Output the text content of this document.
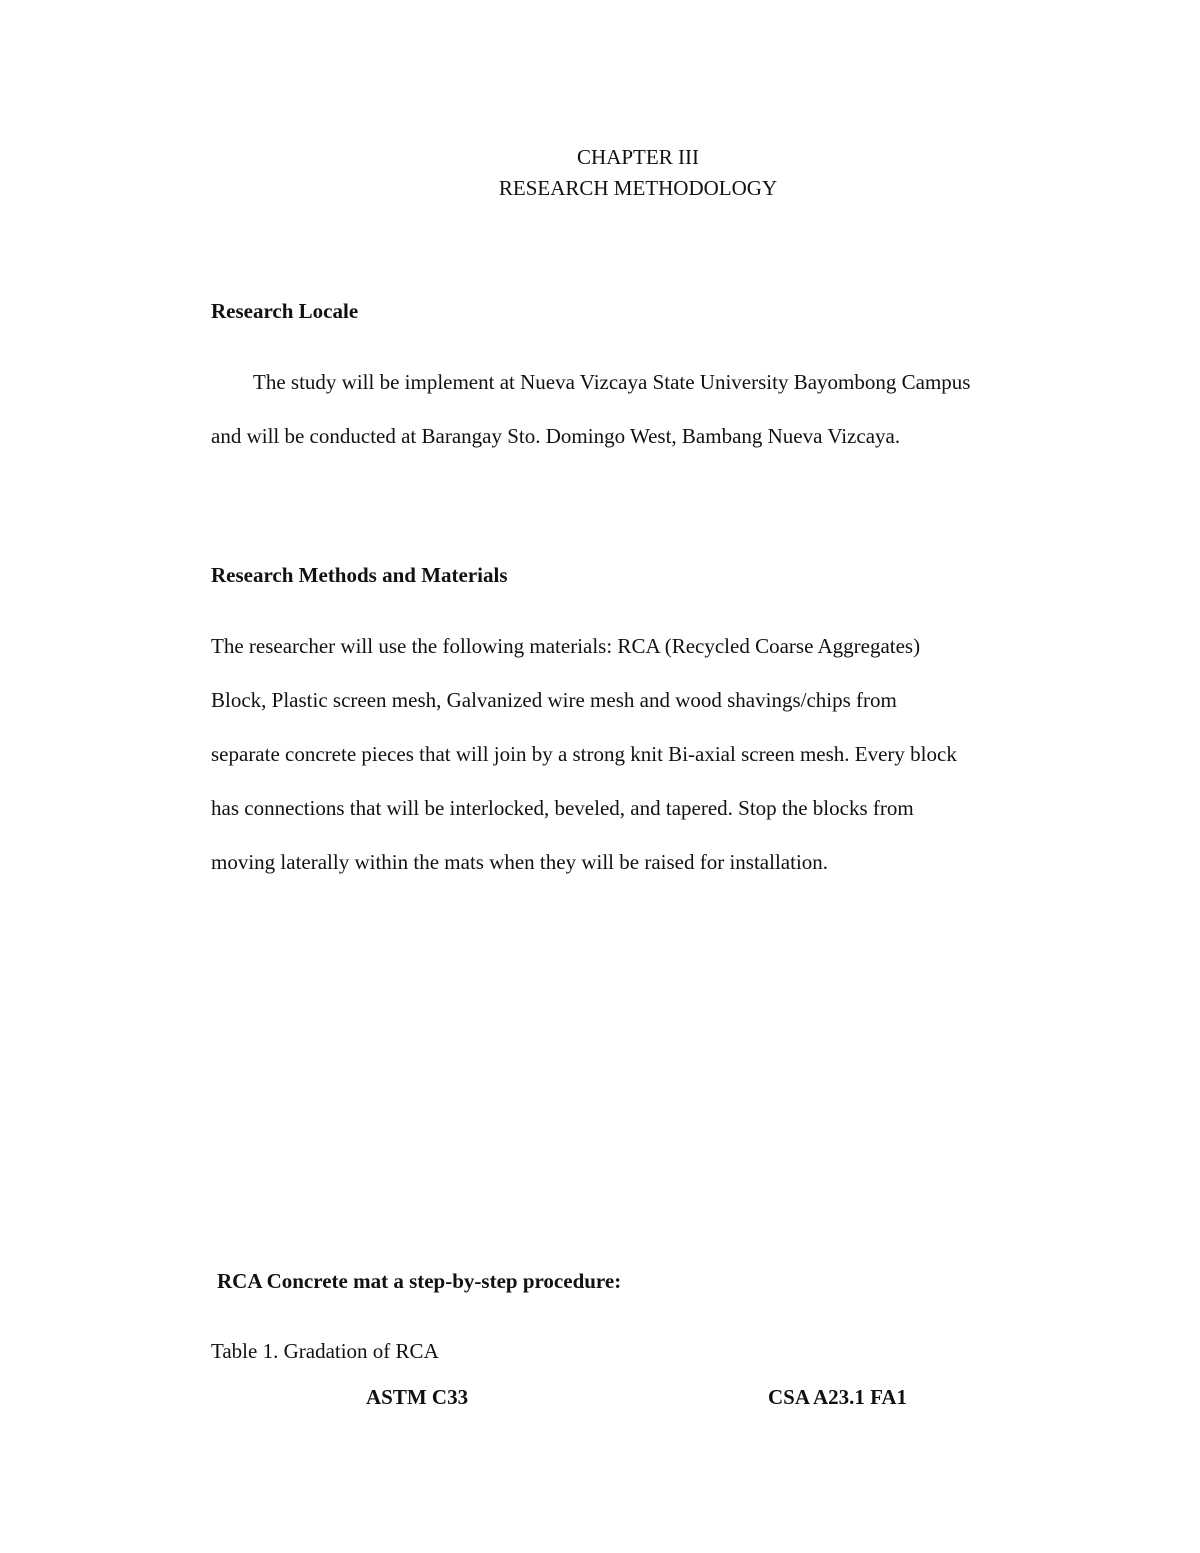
CHAPTER III
RESEARCH METHODOLOGY
Research Locale
The study will be implement at Nueva Vizcaya State University Bayombong Campus
and will be conducted at Barangay Sto. Domingo West, Bambang Nueva Vizcaya.
Research Methods and Materials
The researcher will use the following materials: RCA (Recycled Coarse Aggregates)
Block, Plastic screen mesh, Galvanized wire mesh and wood shavings/chips from
separate concrete pieces that will join by a strong knit Bi-axial screen mesh. Every block
has connections that will be interlocked, beveled, and tapered. Stop the blocks from
moving laterally within the mats when they will be raised for installation.
RCA Concrete mat a step-by-step procedure:
Table 1. Gradation of RCA
ASTM C33	CSA A23.1 FA1
